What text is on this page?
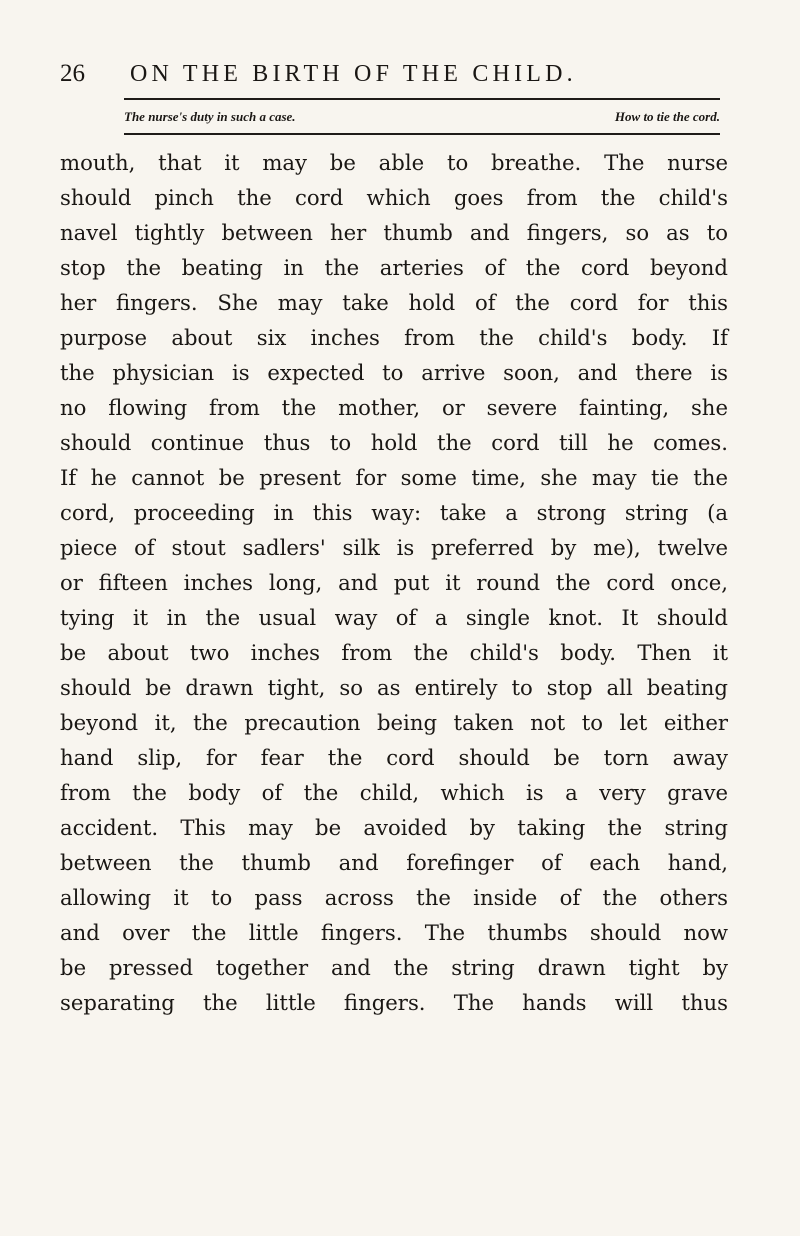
26 ON THE BIRTH OF THE CHILD.
The nurse's duty in such a case.	How to tie the cord.
mouth, that it may be able to breathe. The nurse
should pinch the cord which goes from the child's
navel tightly between her thumb and fingers, so as to
stop the beating in the arteries of the cord beyond
her fingers. She may take hold of the cord for this
purpose about six inches from the child's body. If
the physician is expected to arrive soon, and there is
no flowing from the mother, or severe fainting, she
should continue thus to hold the cord till he comes.
If he cannot be present for some time, she may tie the
cord, proceeding in this way: take a strong string (a
piece of stout sadlers' silk is preferred by me), twelve
or fifteen inches long, and put it round the cord once,
tying it in the usual way of a single knot. It should
be about two inches from the child's body. Then it
should be drawn tight, so as entirely to stop all beating
beyond it, the precaution being taken not to let either
hand slip, for fear the cord should be torn away
from the body of the child, which is a very grave
accident. This may be avoided by taking the string
between the thumb and forefinger of each hand,
allowing it to pass across the inside of the others
and over the little fingers. The thumbs should now
be pressed together and the string drawn tight by
separating the little fingers. The hands will thus
